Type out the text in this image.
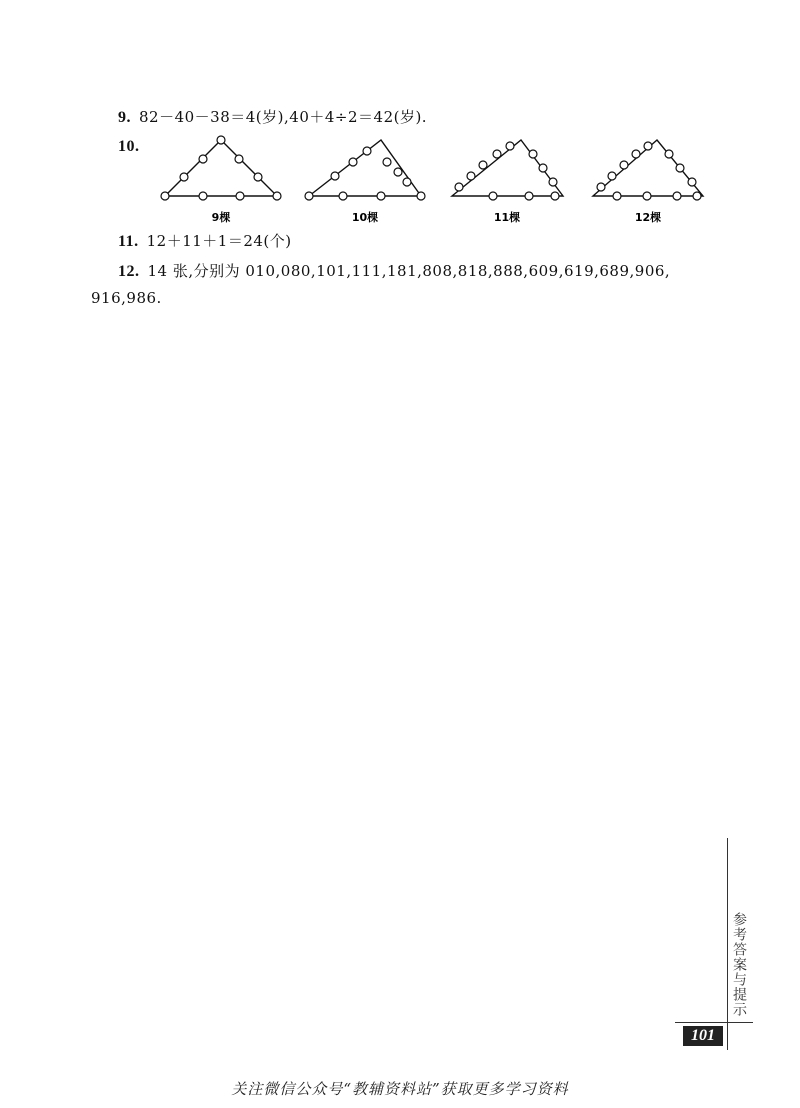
9. 82－40－38＝4(岁),40＋4÷2＝42(岁).
10.
9棵	10棵	11棵	12棵
11. 12＋11＋1＝24(个)
12. 14 张,分别为 010,080,101,111,181,808,818,888,609,619,689,906,
916,986.
参考答案与提示
101
关注微信公众号“教辅资料站”获取更多学习资料
